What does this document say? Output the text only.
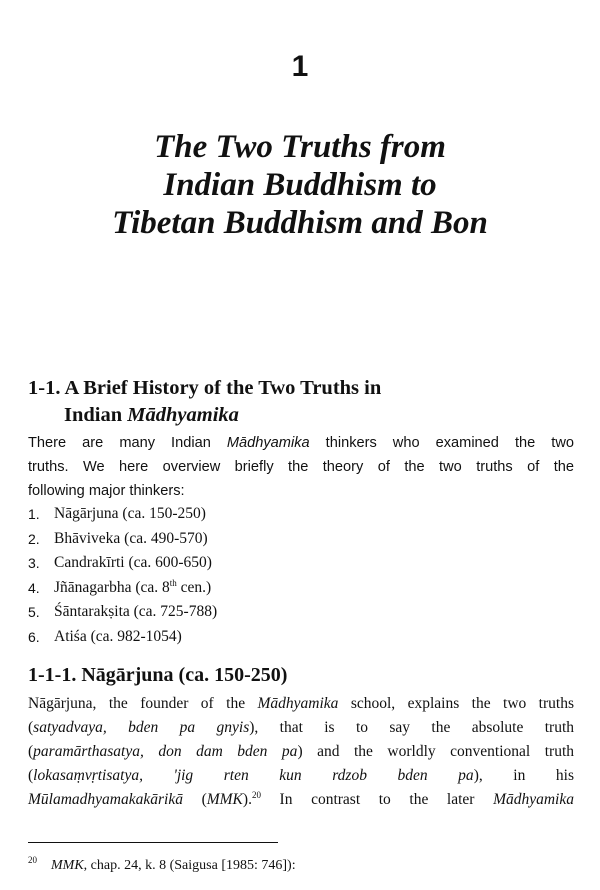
1
The Two Truths from
Indian Buddhism to
Tibetan Buddhism and Bon
1-1. A Brief History of the Two Truths in
Indian Mādhyamika
There are many Indian Mādhyamika thinkers who examined the two
truths. We here overview briefly the theory of the two truths of the
following major thinkers:
1. Nāgārjuna (ca. 150-250)
2. Bhāviveka (ca. 490-570)
3. Candrakīrti (ca. 600-650)
4. Jñānagarbha (ca. 8th cen.)
5. Śāntarakṣita (ca. 725-788)
6. Atiśa (ca. 982-1054)
1-1-1. Nāgārjuna (ca. 150-250)
Nāgārjuna, the founder of the Mādhyamika school, explains the two truths
(satyadvaya, bden pa gnyis), that is to say the absolute truth
(paramārthasatya, don dam bden pa) and the worldly conventional truth
(lokasaṃvṛtisatya, 'jig rten kun rdzob bden pa), in his
Mūlamadhyamakakārikā (MMK).$^{20}$ In contrast to the later Mādhyamika
$^{20}$ MMK, chap. 24, k. 8 (Saigusa [1985: 746]):
